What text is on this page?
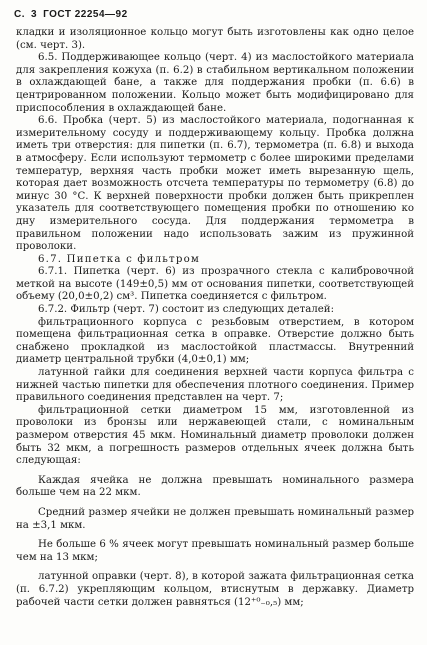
С. 3 ГОСТ 22254—92

кладки и изоляционное кольцо могут быть изготовлены как одно целое (см. черт. 3).

6.5. Поддерживающее кольцо (черт. 4) из маслостойкого материала для закрепления кожуха (п. 6.2) в стабильном вертикальном положении в охлаждающей бане, а также для поддержания пробки (п. 6.6) в центрированном положении. Кольцо может быть модифицировано для приспособления в охлаждающей бане.

6.6. Пробка (черт. 5) из маслостойкого материала, подогнанная к измерительному сосуду и поддерживающему кольцу. Пробка должна иметь три отверстия: для пипетки (п. 6.7), термометра (п. 6.8) и выхода в атмосферу. Если используют термометр с более широкими пределами температур, верхняя часть пробки может иметь вырезанную щель, которая дает возможность отсчета температуры по термометру (6.8) до минус 30 °С. К верхней поверхности пробки должен быть прикреплен указатель для соответствующего помещения пробки по отношению ко дну измерительного сосуда. Для поддержания термометра в правильном положении надо использовать зажим из пружинной проволоки.

6.7. Пипетка с фильтром

6.7.1. Пипетка (черт. 6) из прозрачного стекла с калибровочной меткой на высоте (149±0,5) мм от основания пипетки, соответствующей объему (20,0±0,2) см³. Пипетка соединяется с фильтром.

6.7.2. Фильтр (черт. 7) состоит из следующих деталей:

фильтрационного корпуса с резьбовым отверстием, в котором помещена фильтрационная сетка в оправке. Отверстие должно быть снабжено прокладкой из маслостойкой пластмассы. Внутренний диаметр центральной трубки (4,0±0,1) мм;

латунной гайки для соединения верхней части корпуса фильтра с нижней частью пипетки для обеспечения плотного соединения. Пример правильного соединения представлен на черт. 7;

фильтрационной сетки диаметром 15 мм, изготовленной из проволоки из бронзы или нержавеющей стали, с номинальным размером отверстия 45 мкм. Номинальный диаметр проволоки должен быть 32 мкм, а погрешность размеров отдельных ячеек должна быть следующая:

Каждая ячейка не должна превышать номинального размера больше чем на 22 мкм.

Средний размер ячейки не должен превышать номинальный размер на ±3,1 мкм.

Не больше 6 % ячеек могут превышать номинальный размер больше чем на 13 мкм;

латунной оправки (черт. 8), в которой зажата фильтрационная сетка (п. 6.7.2) укрепляющим кольцом, втиснутым в державку. Диаметр рабочей части сетки должен равняться (12⁺⁰₋₀,₅) мм;
